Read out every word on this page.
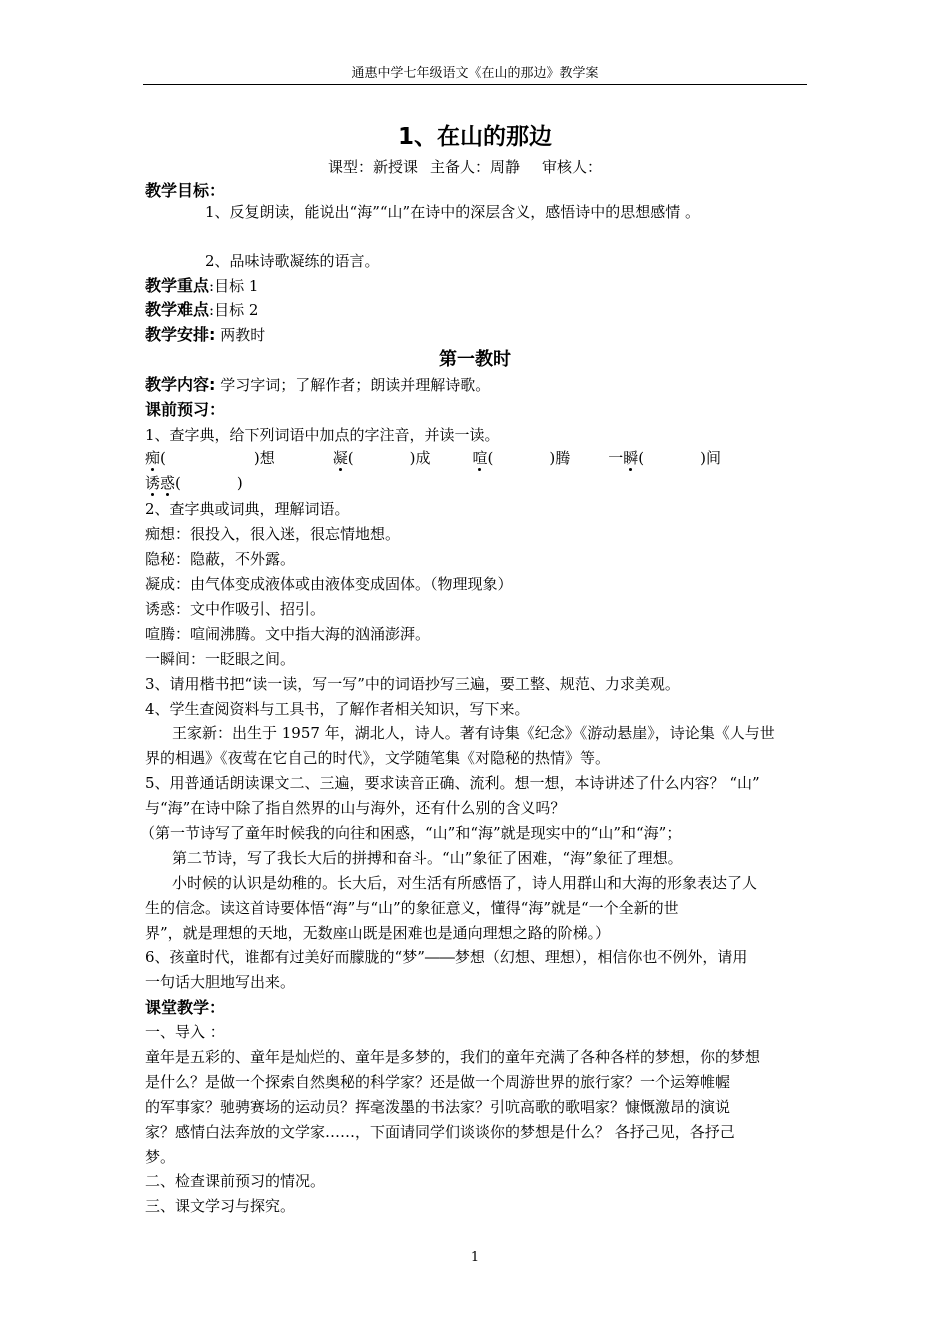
通惠中学七年级语文《在山的那边》教学案
1、在山的那边
课型：新授课 主备人：周静 审核人：
教学目标：
1、反复朗读，能说出“海”“山”在诗中的深层含义，感悟诗中的思想感情 。
2、品味诗歌凝练的语言。
教学重点:目标 1
教学难点:目标 2
教学安排: 两教时
第一教时
教学内容: 学习字词；了解作者；朗读并理解诗歌。
课前预习：
1、查字典，给下列词语中加点的字注音，并读一读。
痴(	)想	凝(	)成	喧(	)腾	一瞬(	)间
诱惑(	)
2、查字典或词典，理解词语。
痴想：很投入，很入迷，很忘情地想。
隐秘：隐蔽，不外露。
凝成：由气体变成液体或由液体变成固体。（物理现象）
诱惑：文中作吸引、招引。
喧腾：喧闹沸腾。文中指大海的汹涌澎湃。
一瞬间：一眨眼之间。
3、请用楷书把“读一读，写一写”中的词语抄写三遍，要工整、规范、力求美观。
4、学生查阅资料与工具书，了解作者相关知识，写下来。
王家新：出生于 1957 年，湖北人，诗人。著有诗集《纪念》《游动悬崖》，诗论集《人与世
界的相遇》《夜莺在它自己的时代》，文学随笔集《对隐秘的热情》等。
5、用普通话朗读课文二、三遍，要求读音正确、流利。想一想，本诗讲述了什么内容？ “山”
与“海”在诗中除了指自然界的山与海外，还有什么别的含义吗？
（第一节诗写了童年时候我的向往和困惑，“山”和“海”就是现实中的“山”和“海”；
第二节诗，写了我长大后的拼搏和奋斗。“山”象征了困难，“海”象征了理想。
小时候的认识是幼稚的。长大后，对生活有所感悟了，诗人用群山和大海的形象表达了人
生的信念。读这首诗要体悟“海”与“山”的象征意义，懂得“海”就是“一个全新的世
界”，就是理想的天地，无数座山既是困难也是通向理想之路的阶梯。）
6、孩童时代，谁都有过美好而朦胧的“梦”――梦想（幻想、理想），相信你也不例外，请用
一句话大胆地写出来。
课堂教学：
一、导入 ：
童年是五彩的、童年是灿烂的、童年是多梦的，我们的童年充满了各种各样的梦想，你的梦想
是什么？是做一个探索自然奥秘的科学家？还是做一个周游世界的旅行家？一个运筹帷幄
的军事家？驰骋赛场的运动员？挥毫泼墨的书法家？引吭高歌的歌唱家？慷慨激昂的演说
家？感情白法奔放的文学家……，下面请同学们谈谈你的梦想是什么？ 各抒己见，各抒己
梦。
二、检查课前预习的情况。
三、课文学习与探究。
1
